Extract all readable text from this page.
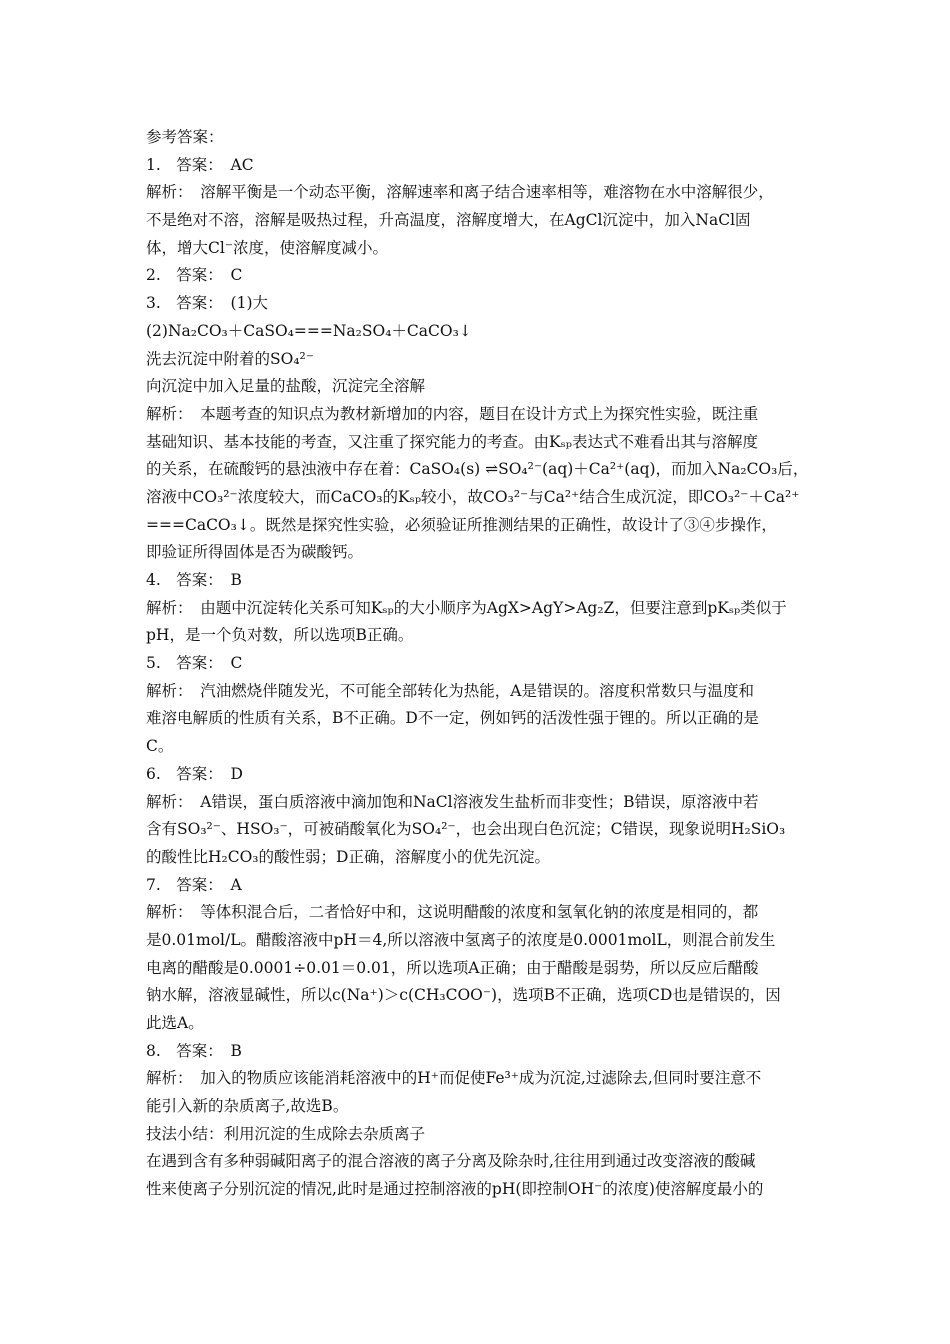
参考答案：
1.　答案：　AC
解析：　溶解平衡是一个动态平衡，溶解速率和离子结合速率相等，难溶物在水中溶解很少，
不是绝对不溶，溶解是吸热过程，升高温度，溶解度增大，在AgCl沉淀中，加入NaCl固
体，增大Cl⁻浓度，使溶解度减小。
2.　答案：　C
3.　答案：　(1)大
(2)Na₂CO₃＋CaSO₄===Na₂SO₄＋CaCO₃↓
洗去沉淀中附着的SO₄²⁻
向沉淀中加入足量的盐酸，沉淀完全溶解
解析：　本题考查的知识点为教材新增加的内容，题目在设计方式上为探究性实验，既注重
基础知识、基本技能的考查，又注重了探究能力的考查。由Kₛₚ表达式不难看出其与溶解度
的关系，在硫酸钙的悬浊液中存在着：CaSO₄(s) ⇌SO₄²⁻(aq)＋Ca²⁺(aq)，而加入Na₂CO₃后，
溶液中CO₃²⁻浓度较大，而CaCO₃的Kₛₚ较小，故CO₃²⁻与Ca²⁺结合生成沉淀，即CO₃²⁻＋Ca²⁺
===CaCO₃↓。既然是探究性实验，必须验证所推测结果的正确性，故设计了③④步操作，
即验证所得固体是否为碳酸钙。
4.　答案：　B
解析：　由题中沉淀转化关系可知Kₛₚ的大小顺序为AgX>AgY>Ag₂Z，但要注意到pKₛₚ类似于
pH，是一个负对数，所以选项B正确。
5.　答案：　C
解析：　汽油燃烧伴随发光，不可能全部转化为热能，A是错误的。溶度积常数只与温度和
难溶电解质的性质有关系，B不正确。D不一定，例如钙的活泼性强于锂的。所以正确的是
C。
6.　答案：　D
解析：　A错误，蛋白质溶液中滴加饱和NaCl溶液发生盐析而非变性；B错误，原溶液中若
含有SO₃²⁻、HSO₃⁻，可被硝酸氧化为SO₄²⁻，也会出现白色沉淀；C错误，现象说明H₂SiO₃
的酸性比H₂CO₃的酸性弱；D正确，溶解度小的优先沉淀。
7.　答案：　A
解析：　等体积混合后，二者恰好中和，这说明醋酸的浓度和氢氧化钠的浓度是相同的，都
是0.01mol/L。醋酸溶液中pH＝4,所以溶液中氢离子的浓度是0.0001molL，则混合前发生
电离的醋酸是0.0001÷0.01＝0.01，所以选项A正确；由于醋酸是弱势，所以反应后醋酸
钠水解，溶液显碱性，所以c(Na⁺)＞c(CH₃COO⁻)，选项B不正确，选项CD也是错误的，因
此选A。
8.　答案：　B
解析：　加入的物质应该能消耗溶液中的H⁺而促使Fe³⁺成为沉淀,过滤除去,但同时要注意不
能引入新的杂质离子,故选B。
技法小结：利用沉淀的生成除去杂质离子
在遇到含有多种弱碱阳离子的混合溶液的离子分离及除杂时,往往用到通过改变溶液的酸碱
性来使离子分别沉淀的情况,此时是通过控制溶液的pH(即控制OH⁻的浓度)使溶解度最小的
